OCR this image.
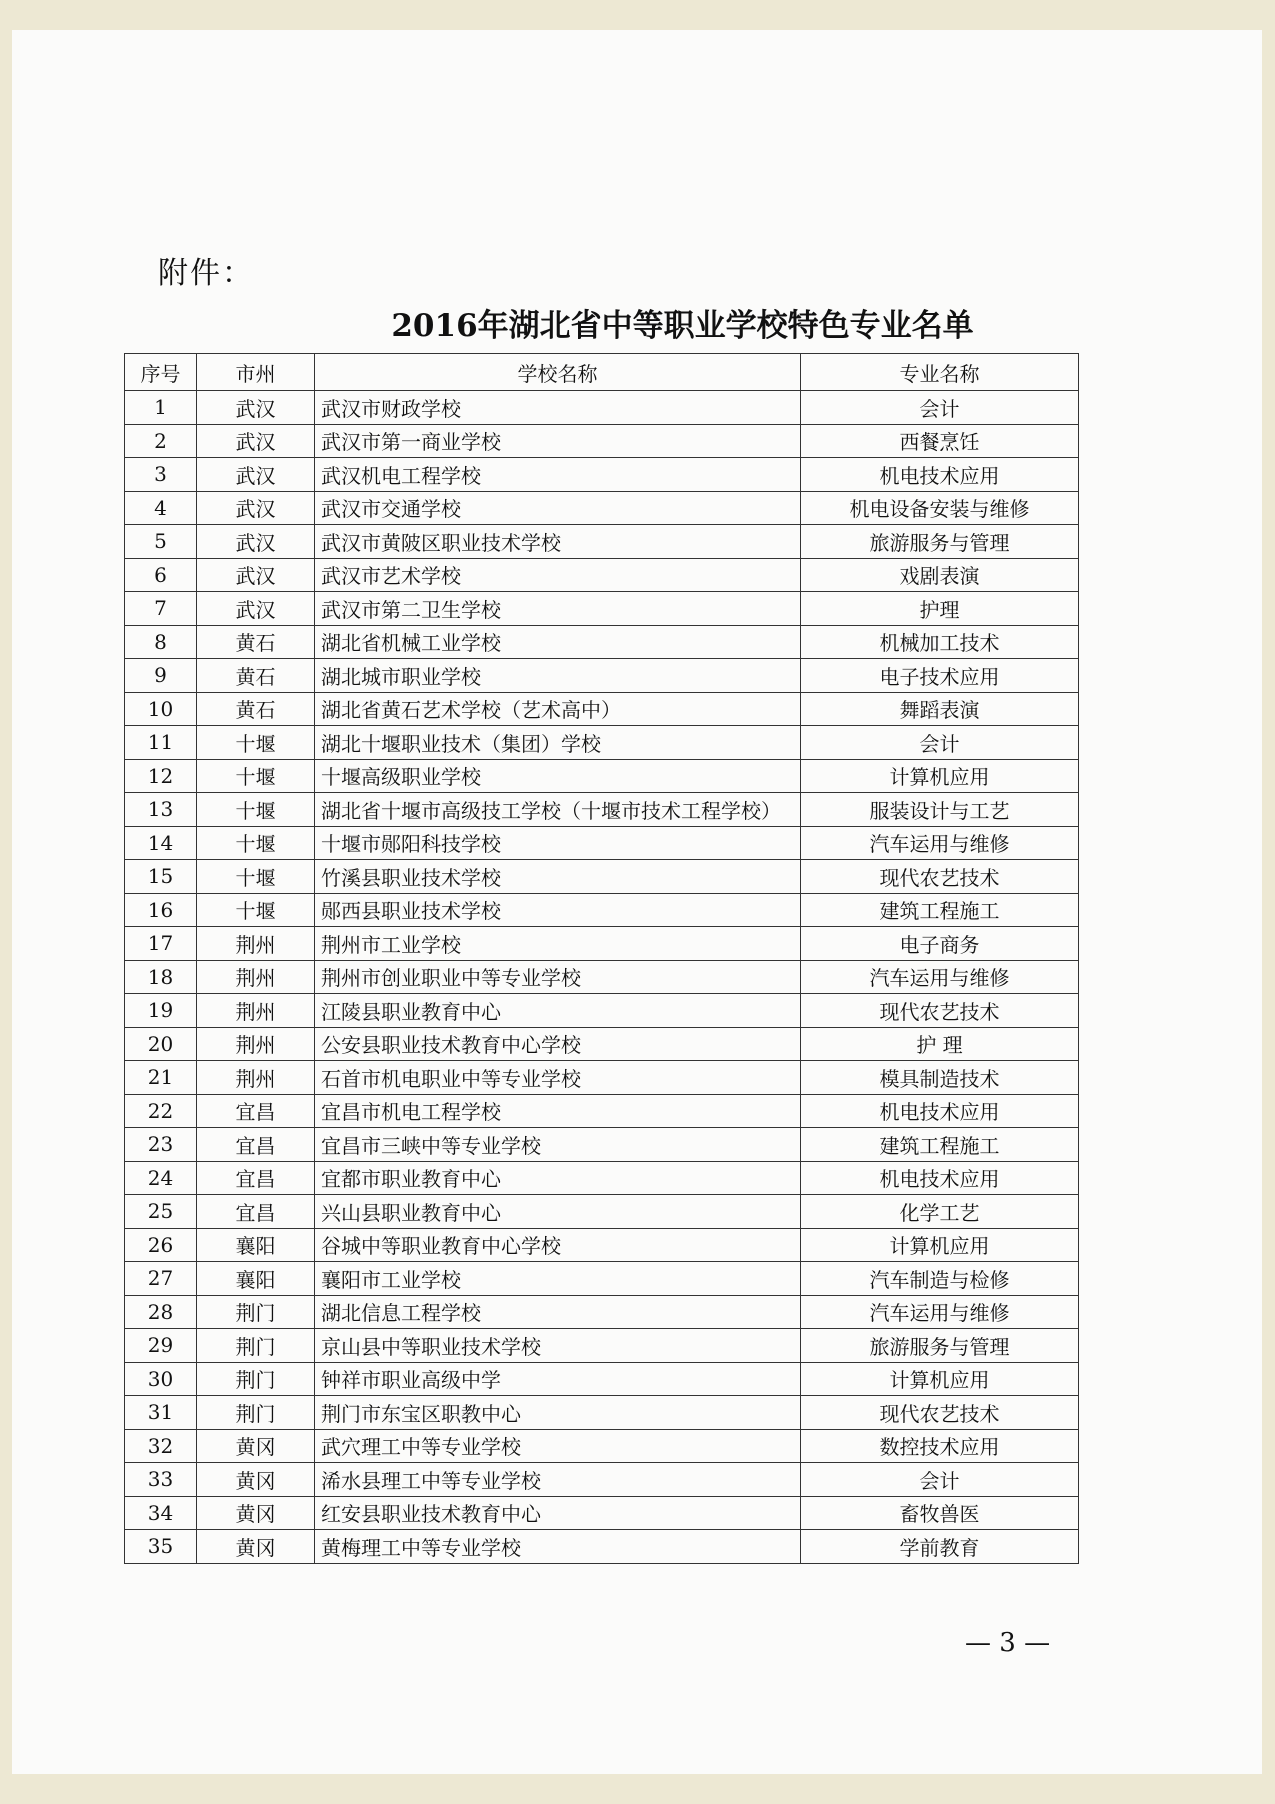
附件：
2016年湖北省中等职业学校特色专业名单
序号	市州	学校名称	专业名称
1	武汉	武汉市财政学校	会计
2	武汉	武汉市第一商业学校	西餐烹饪
3	武汉	武汉机电工程学校	机电技术应用
4	武汉	武汉市交通学校	机电设备安装与维修
5	武汉	武汉市黄陂区职业技术学校	旅游服务与管理
6	武汉	武汉市艺术学校	戏剧表演
7	武汉	武汉市第二卫生学校	护理
8	黄石	湖北省机械工业学校	机械加工技术
9	黄石	湖北城市职业学校	电子技术应用
10	黄石	湖北省黄石艺术学校（艺术高中）	舞蹈表演
11	十堰	湖北十堰职业技术（集团）学校	会计
12	十堰	十堰高级职业学校	计算机应用
13	十堰	湖北省十堰市高级技工学校（十堰市技术工程学校）	服装设计与工艺
14	十堰	十堰市郧阳科技学校	汽车运用与维修
15	十堰	竹溪县职业技术学校	现代农艺技术
16	十堰	郧西县职业技术学校	建筑工程施工
17	荆州	荆州市工业学校	电子商务
18	荆州	荆州市创业职业中等专业学校	汽车运用与维修
19	荆州	江陵县职业教育中心	现代农艺技术
20	荆州	公安县职业技术教育中心学校	护 理
21	荆州	石首市机电职业中等专业学校	模具制造技术
22	宜昌	宜昌市机电工程学校	机电技术应用
23	宜昌	宜昌市三峡中等专业学校	建筑工程施工
24	宜昌	宜都市职业教育中心	机电技术应用
25	宜昌	兴山县职业教育中心	化学工艺
26	襄阳	谷城中等职业教育中心学校	计算机应用
27	襄阳	襄阳市工业学校	汽车制造与检修
28	荆门	湖北信息工程学校	汽车运用与维修
29	荆门	京山县中等职业技术学校	旅游服务与管理
30	荆门	钟祥市职业高级中学	计算机应用
31	荆门	荆门市东宝区职教中心	现代农艺技术
32	黄冈	武穴理工中等专业学校	数控技术应用
33	黄冈	浠水县理工中等专业学校	会计
34	黄冈	红安县职业技术教育中心	畜牧兽医
35	黄冈	黄梅理工中等专业学校	学前教育
— 3 —
